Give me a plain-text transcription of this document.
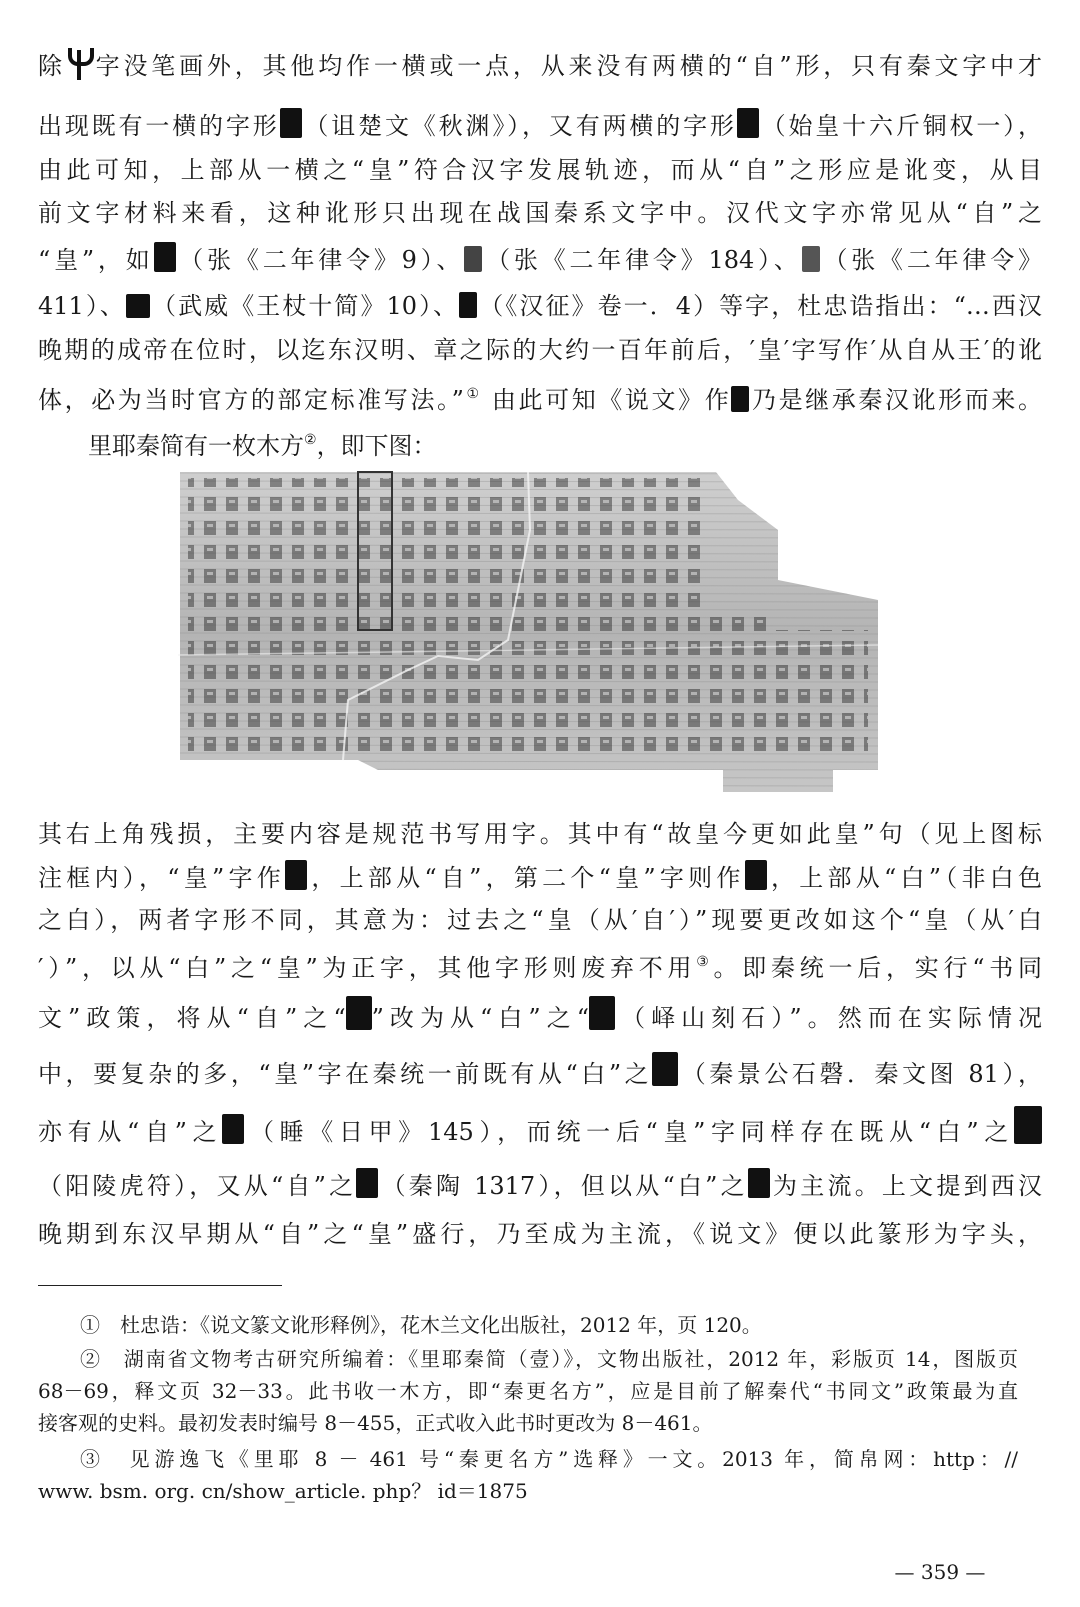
除 字没笔画外，其他均作一横或一点，从来没有两横的“自”形，只有秦文字中才
出现既有一横的字形 （诅楚文《秋渊》），又有两横的字形 （始皇十六斤铜权一），
由此可知，上部从一横之“皇”符合汉字发展轨迹，而从“自”之形应是讹变，从目
前文字材料来看，这种讹形只出现在战国秦系文字中。汉代文字亦常见从“自”之
“皇”，如 （张《二年律令》9）、 （张《二年律令》184）、 （张《二年律令》
411）、 （武威《王杖十简》10）、 （《汉征》卷一．4）等字，杜忠诰指出：“…西汉
晚期的成帝在位时，以迄东汉明、章之际的大约一百年前后，′皇′字写作′从自从王′的讹
体，必为当时官方的部定标准写法。”① 由此可知《说文》作 乃是继承秦汉讹形而来。
里耶秦简有一枚木方②，即下图：
其右上角残损，主要内容是规范书写用字。其中有“故皇今更如此皇”句（见上图标
注框内），“皇”字作 ，上部从“自”，第二个“皇”字则作 ，上部从“白”（非白色
之白），两者字形不同，其意为：过去之“皇（从′自′）”现要更改如这个“皇（从′白
′）”，以从“白”之“皇”为正字，其他字形则废弃不用③。即秦统一后，实行“书同
文”政策，将从“自”之“ ”改为从“白”之“ （峄山刻石）”。然而在实际情况
中，要复杂的多，“皇”字在秦统一前既有从“白”之 （秦景公石磬．秦文图 81），
亦有从“自”之 （睡《日甲》145），而统一后“皇”字同样存在既从“白”之
（阳陵虎符），又从“自”之 （秦陶 1317），但以从“白”之 为主流。上文提到西汉
晚期到东汉早期从“自”之“皇”盛行，乃至成为主流，《说文》便以此篆形为字头，
①　杜忠诰：《说文篆文讹形释例》，花木兰文化出版社，2012 年，页 120。
②　湖南省文物考古研究所编着：《里耶秦简（壹）》，文物出版社，2012 年，彩版页 14，图版页
68－69，释文页 32－33。此书收一木方，即“秦更名方”，应是目前了解秦代“书同文”政策最为直
接客观的史料。最初发表时编号 8－455，正式收入此书时更改为 8－461。
③　见游逸飞《里耶 8 － 461 号“秦更名方”选释》一文。2013 年，简帛网：http：//
www. bsm. org. cn/show_article. php？ id＝1875
— 359 —
